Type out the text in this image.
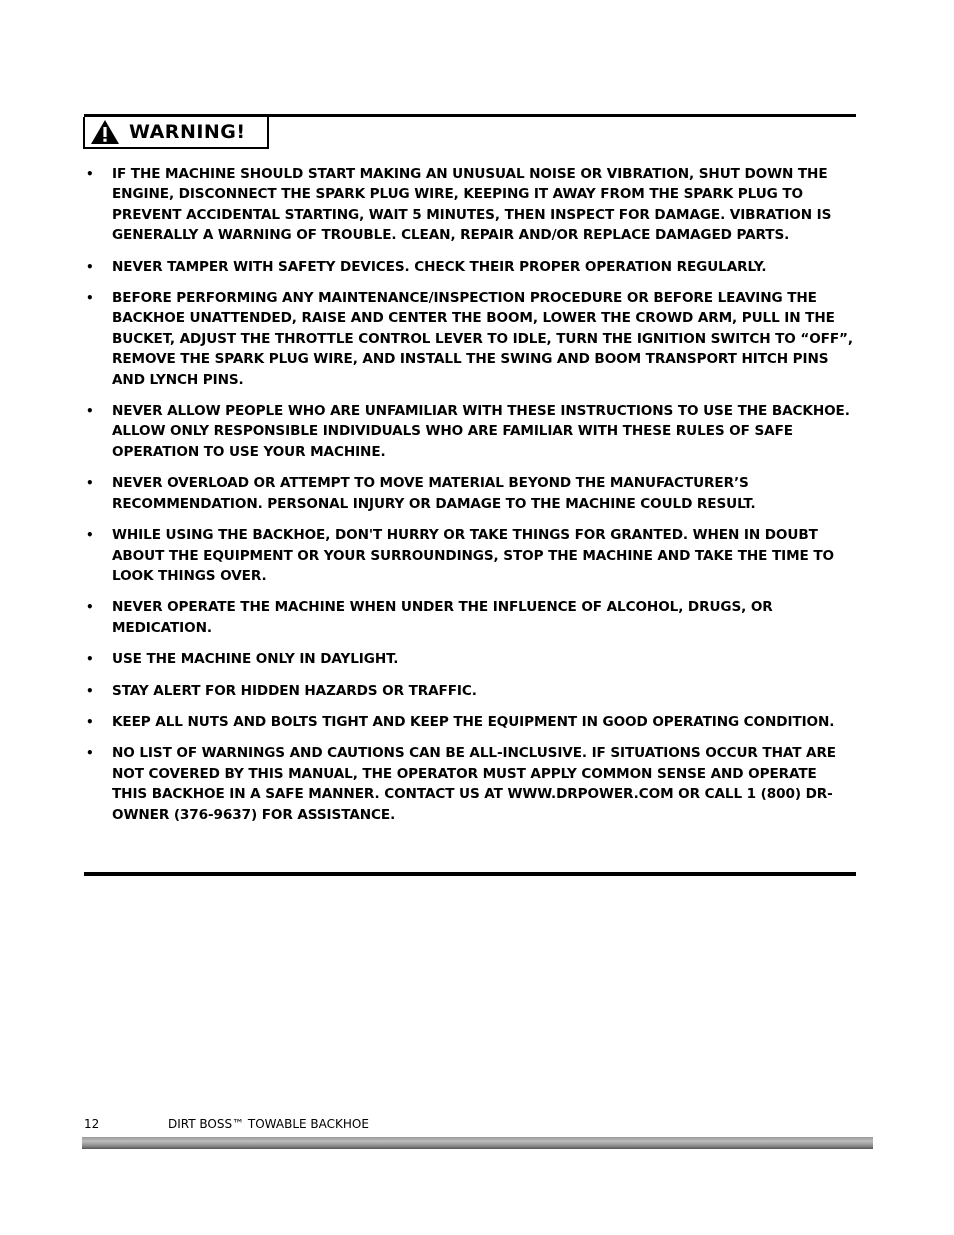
WARNING!
•	IF THE MACHINE SHOULD START MAKING AN UNUSUAL NOISE OR VIBRATION, SHUT DOWN THE ENGINE, DISCONNECT THE SPARK PLUG WIRE, KEEPING IT AWAY FROM THE SPARK PLUG TO PREVENT ACCIDENTAL STARTING, WAIT 5 MINUTES, THEN INSPECT FOR DAMAGE. VIBRATION IS GENERALLY A WARNING OF TROUBLE. CLEAN, REPAIR AND/OR REPLACE DAMAGED PARTS.
•	NEVER TAMPER WITH SAFETY DEVICES. CHECK THEIR PROPER OPERATION REGULARLY.
•	BEFORE PERFORMING ANY MAINTENANCE/INSPECTION PROCEDURE OR BEFORE LEAVING THE BACKHOE UNATTENDED, RAISE AND CENTER THE BOOM, LOWER THE CROWD ARM, PULL IN THE BUCKET, ADJUST THE THROTTLE CONTROL LEVER TO IDLE, TURN THE IGNITION SWITCH TO “OFF”, REMOVE THE SPARK PLUG WIRE, AND INSTALL THE SWING AND BOOM TRANSPORT HITCH PINS AND LYNCH PINS.
•	NEVER ALLOW PEOPLE WHO ARE UNFAMILIAR WITH THESE INSTRUCTIONS TO USE THE BACKHOE. ALLOW ONLY RESPONSIBLE INDIVIDUALS WHO ARE FAMILIAR WITH THESE RULES OF SAFE OPERATION TO USE YOUR MACHINE.
•	NEVER OVERLOAD OR ATTEMPT TO MOVE MATERIAL BEYOND THE MANUFACTURER’S RECOMMENDATION. PERSONAL INJURY OR DAMAGE TO THE MACHINE COULD RESULT.
•	WHILE USING THE BACKHOE, DON'T HURRY OR TAKE THINGS FOR GRANTED. WHEN IN DOUBT ABOUT THE EQUIPMENT OR YOUR SURROUNDINGS, STOP THE MACHINE AND TAKE THE TIME TO LOOK THINGS OVER.
•	NEVER OPERATE THE MACHINE WHEN UNDER THE INFLUENCE OF ALCOHOL, DRUGS, OR MEDICATION.
•	USE THE MACHINE ONLY IN DAYLIGHT.
•	STAY ALERT FOR HIDDEN HAZARDS OR TRAFFIC.
•	KEEP ALL NUTS AND BOLTS TIGHT AND KEEP THE EQUIPMENT IN GOOD OPERATING CONDITION.
•	NO LIST OF WARNINGS AND CAUTIONS CAN BE ALL-INCLUSIVE. IF SITUATIONS OCCUR THAT ARE NOT COVERED BY THIS MANUAL, THE OPERATOR MUST APPLY COMMON SENSE AND OPERATE THIS BACKHOE IN A SAFE MANNER. CONTACT US AT WWW.DRPOWER.COM OR CALL 1 (800) DR-OWNER (376-9637) FOR ASSISTANCE.
12	DIRT BOSS™ TOWABLE BACKHOE
